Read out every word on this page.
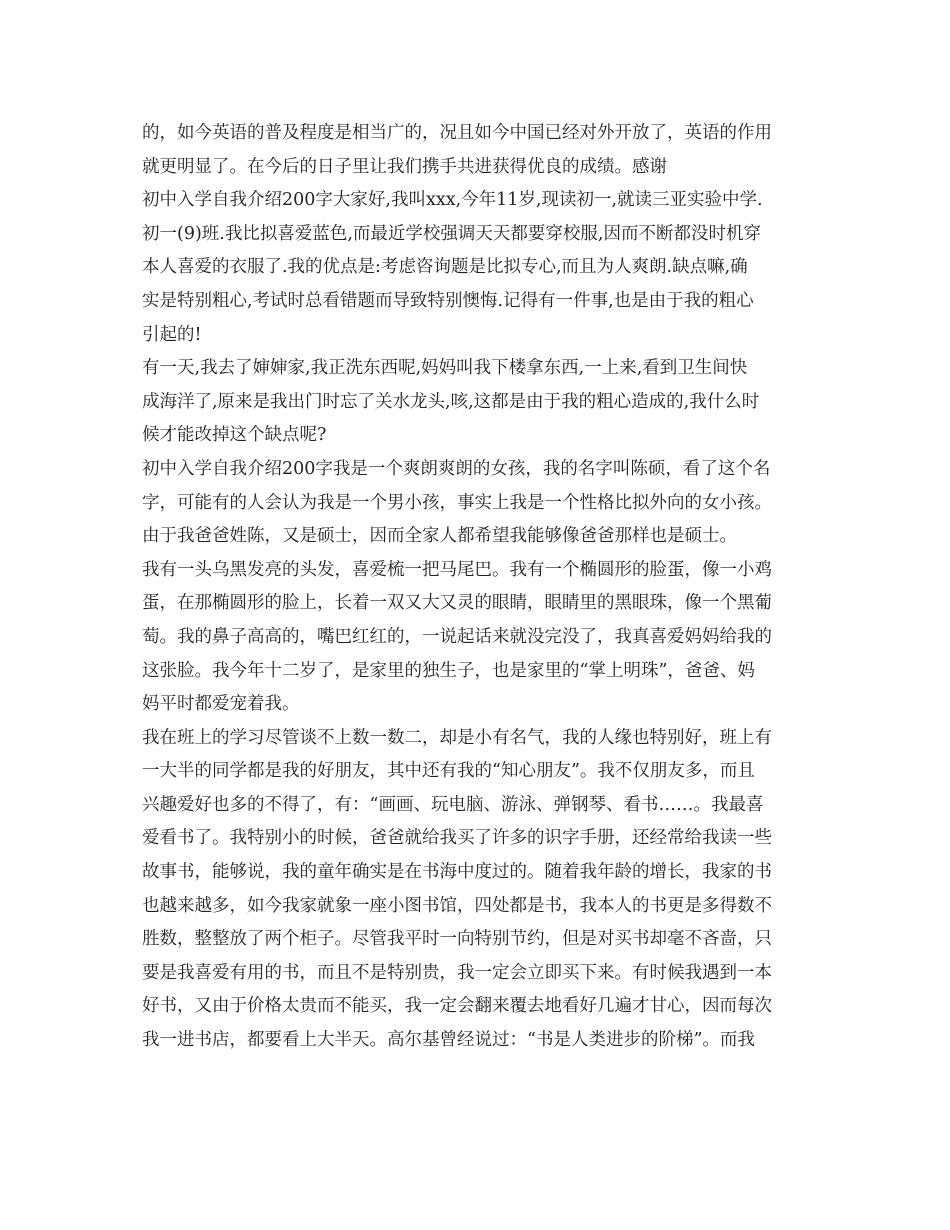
的，如今英语的普及程度是相当广的，况且如今中国已经对外开放了，英语的作用
就更明显了。在今后的日子里让我们携手共进获得优良的成绩。感谢
初中入学自我介绍200字大家好,我叫xxx,今年11岁,现读初一,就读三亚实验中学.
初一(9)班.我比拟喜爱蓝色,而最近学校强调天天都要穿校服,因而不断都没时机穿
本人喜爱的衣服了.我的优点是:考虑咨询题是比拟专心,而且为人爽朗.缺点嘛,确
实是特别粗心,考试时总看错题而导致特别懊悔.记得有一件事,也是由于我的粗心
引起的!
有一天,我去了婶婶家,我正洗东西呢,妈妈叫我下楼拿东西,一上来,看到卫生间快
成海洋了,原来是我出门时忘了关水龙头,咳,这都是由于我的粗心造成的,我什么时
候才能改掉这个缺点呢?
初中入学自我介绍200字我是一个爽朗爽朗的女孩，我的名字叫陈硕，看了这个名
字，可能有的人会认为我是一个男小孩，事实上我是一个性格比拟外向的女小孩。
由于我爸爸姓陈，又是硕士，因而全家人都希望我能够像爸爸那样也是硕士。
我有一头乌黑发亮的头发，喜爱梳一把马尾巴。我有一个椭圆形的脸蛋，像一小鸡
蛋，在那椭圆形的脸上，长着一双又大又灵的眼睛，眼睛里的黑眼珠，像一个黑葡
萄。我的鼻子高高的，嘴巴红红的，一说起话来就没完没了，我真喜爱妈妈给我的
这张脸。我今年十二岁了，是家里的独生子，也是家里的“掌上明珠”，爸爸、妈
妈平时都爱宠着我。
我在班上的学习尽管谈不上数一数二，却是小有名气，我的人缘也特别好，班上有
一大半的同学都是我的好朋友，其中还有我的“知心朋友”。我不仅朋友多，而且
兴趣爱好也多的不得了，有：“画画、玩电脑、游泳、弹钢琴、看书……。我最喜
爱看书了。我特别小的时候，爸爸就给我买了许多的识字手册，还经常给我读一些
故事书，能够说，我的童年确实是在书海中度过的。随着我年龄的增长，我家的书
也越来越多，如今我家就象一座小图书馆，四处都是书，我本人的书更是多得数不
胜数，整整放了两个柜子。尽管我平时一向特别节约，但是对买书却毫不吝啬，只
要是我喜爱有用的书，而且不是特别贵，我一定会立即买下来。有时候我遇到一本
好书，又由于价格太贵而不能买，我一定会翻来覆去地看好几遍才甘心，因而每次
我一进书店，都要看上大半天。高尔基曾经说过：“书是人类进步的阶梯”。而我
